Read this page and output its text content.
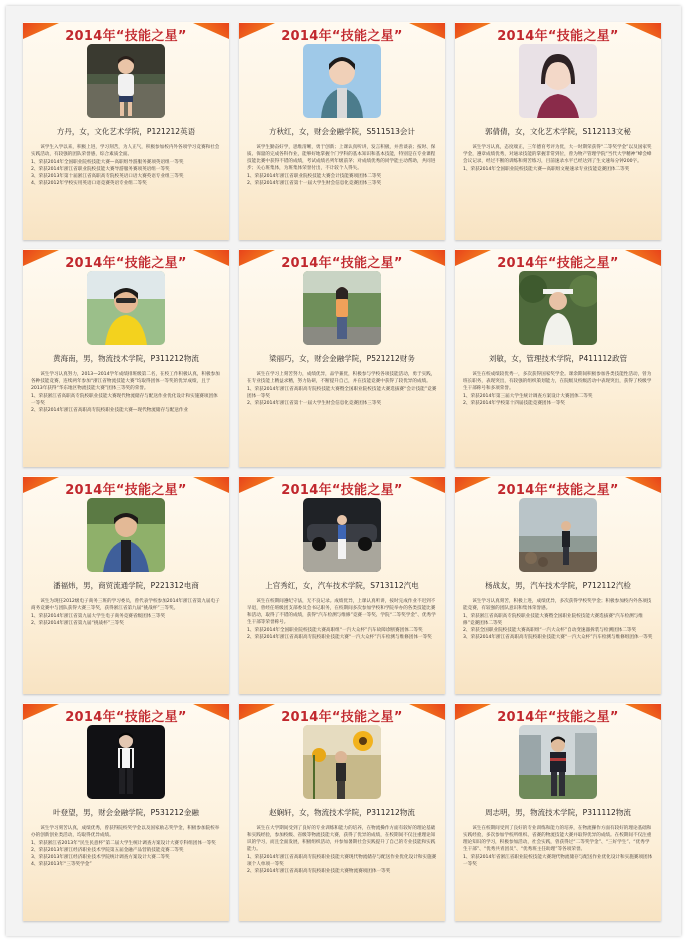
2014年“技能之星”
方丹，女，文化艺术学院，P121212英语

该学生入学以来，积极上进，学习刻苦，为人正气，积极参加校内外各项学习竞赛和社会实践活动，有较强的团队荣誉感，综合素质全面。

1、荣获2014年全国职业院校技能大赛—高职组导游服务赛项英语组一等奖
2、荣获2014年浙江省职业院校技能大赛导游服务赛项英语组一等奖
3、荣获2013年第十届浙江省高职高专院校英语口语大赛英语专业组三等奖
4、荣获2012年学校实用英语口语竞赛英语专业组二等奖
2014年“技能之星”
方秋红，女，财会金融学院，S511513会计

该学生勤奋好学，思维清晰，勇于创新；上课认真听讲，发言积极，并善谈表；按时、保质、保量的完成各科作业，能够好地掌握个门学科的基本知识和基本技能，特别是在专业课程技能比赛中获得不错的成绩，考试成绩名列年级前茅；对成绩优秀的同学能主动帮助，共同进步；关心班集体，为班集体荣誉付出，不计较个人得失。

1、荣获2014年浙江省职业院校技能大赛会计技能赛项团体二等奖
2、荣获2014年浙江省第十一届大学生财会信息化竞赛团体三等奖
2014年“技能之星”
郭倩倩，女，文化艺术学院，S112113文秘

该生学习认真，态度端正，三年德育考评为优，大一时期荣获得“二等奖学金”以及国家奖学金，遵章成绩优秀，对通录技能的掌握非常到位，曾为物产管理学院“当代大学精神”峰会峰会议记录，经过不断的训练和刻苦练习，目前速录水平已经达到了生文速每分钟200字。

1、荣获2014年全国职业院校技能大赛—高职组文秘速录专业技能竞赛团体二等奖
2014年“技能之星”
黄海南，男，物流技术学院，P311212物流

该生学习认真努力，2013—2014学年成绩排班级第二名，在校工作积极认真，积极参加各种技能竞赛，连续两年参加“浙江省物流技能大赛”均取得团体一等奖的优异成绩，且于2013年获得“华东地区物流技能大赛”团体三等奖的荣誉。

1、荣获浙江省高职高专院校职业技能大赛现代物流储存与配送作业优化设计和实施赛项团体一等奖
2、荣获2014年浙江省高职高专院校职业技能大赛—现代物流储存与配送作业
2014年“技能之星”
梁丽巧，女，财会金融学院，P521212财务

该生在学习上刻苦努力，成绩优异，品学兼优，积极参与学校各项技能活动，勇于实践，在专业技能上精益求精，努力钻研，不断提升自己，并在技能竞赛中获得了较优异的成绩。

1、荣获2014年浙江省高职高专院校技能大赛暨全国职业院校技能大赛选拔赛“会计技能”竞赛团体一等奖
2、荣获2014年浙江省第十一届大学生财会信息化竞赛团体三等奖
2014年“技能之星”
刘敏，女，管理技术学院，P411112政管

该生在校成绩较优秀一，多次获得国家奖学金。课余期间积极参加各类技能性活动，曾为班长职务，表现突出，有较强的组织策划能力，在院级及校级活动中表现突出，获得了校级学生干部称号和多项荣誉。

1、荣获2014年第三届大学生统计调查方案设计大赛团体二等奖
2、荣获2014年学校第十四届技能竞赛团体一等奖
2014年“技能之星”
潘福炜，男，商贸流通学院，P221312电商

该生为现任2012级电子商务三班的学习委员，曾代表学校参加2014年浙江省第九届电子商务竞赛中与团队获得大赛三等奖，获得浙江省第九届“挑战杯”三等奖。

1、荣获2014年浙江省第九届大学生电子商务竞赛省级团体三等奖
2、荣获2014年浙江省第九届“挑战杯”三等奖
2014年“技能之星”
上官秀红，女，汽车技术学院，S713112汽电

该生在校期间遵纪守法，无不良记录。成绩优异，上课认真听讲，按时完成作业不迟到不早退，曾经任班级团支部委员会书记职务，在校期间多次参加学校和学院举办的各类技能比赛和活动，取得了不错的成绩，获得“汽车检测与维修”竞赛一等奖、学院“二等奖学金”、优秀学生干部等荣誉称号。

1、荣获2014年全国职业院校技能大赛高职组“一汽大众杯”汽车故障诊断赛团体二等奖
2、荣获2014年浙江省高职高专院校职业技能大赛“一汽大众杯”汽车检测与维修团体一等奖
2014年“技能之星”
杨战友，男，汽车技术学院，P712112汽检

该生学习认真刻苦，积极上进，成绩优异，多次获得学校奖学金；积极参加校内外各项技能竞赛，有较强的团队意识和集体荣誉感。

1、荣获浙江省高职高专院校职业技能大赛暨全国职业院校技能大赛选拔赛“汽车检测与维修”竞赛团体二等奖
2、荣获全国职业院校技能大赛高职组“一汽大众杯”自动变速器拆装与检测团体二等奖
3、荣获2014年浙江省高职高专院校职业技能大赛“一汽大众杯”汽车检测与维修组团体一等奖
2014年“技能之星”
叶登望，男，财会金融学院，P531212金融

该生学习刻苦认真，成绩优秀，曾获得院校奖学金以及国家励志奖学金，积极参加院校举办的创新创业类活动，均取得优异成绩。

1、荣获浙江省2013年“民生民意杯”第二届大学生统计调查方案设计大赛专科组团体一等奖
2、荣获2013年浙江经济职业技术学院第五届金融产品营销技能竞赛二等奖
3、荣获2013年浙江经济职业技术学院统计调查方案设计大赛二等奖
4、荣获2013年“三等奖学金”
2014年“技能之星”
赵娴轩，女，物流技术学院，P311212物流

该生在大学期间受到了良好的专业训练和能力的培养，在物流操作方面有较好的理论基础和实践经验，参加校级、省级等物流技能大赛，获得了优异的成绩，在校期间不仅注重理论知识的学习，而且全面发展，积极组织活动，并参加暑期社会实践提升了自己的专业技能和实践能力。

1、荣获2014年浙江省高职高专院校职业技能大赛现代物流储存与配送作业优化设计和实施赛项个人单项一等奖
2、荣获2014年浙江省高职高专院校职业技能大赛物流赛项团体一等奖
2014年“技能之星”
周志明，男，物流技术学院，P311112物流

该生在校期间受到了良好的专业训练和能力的培养，在物流操作方面有较好的理论基础和实践经验，多次参加学校所组织、省赛的物流技能大赛并取得优异的成绩。在校期间不仅注重理论知识的学习，积极参加活动，社会实践，曾获得过“二等奖学金”、“三好学生”、“优秀学生干部”、“优秀共青团员”、“优秀班主任助理”等各项荣誉。

1、荣获2014年省浙江省职业院校技能大赛现代物流储存与配送作业优化设计和实施赛项团体一等奖
